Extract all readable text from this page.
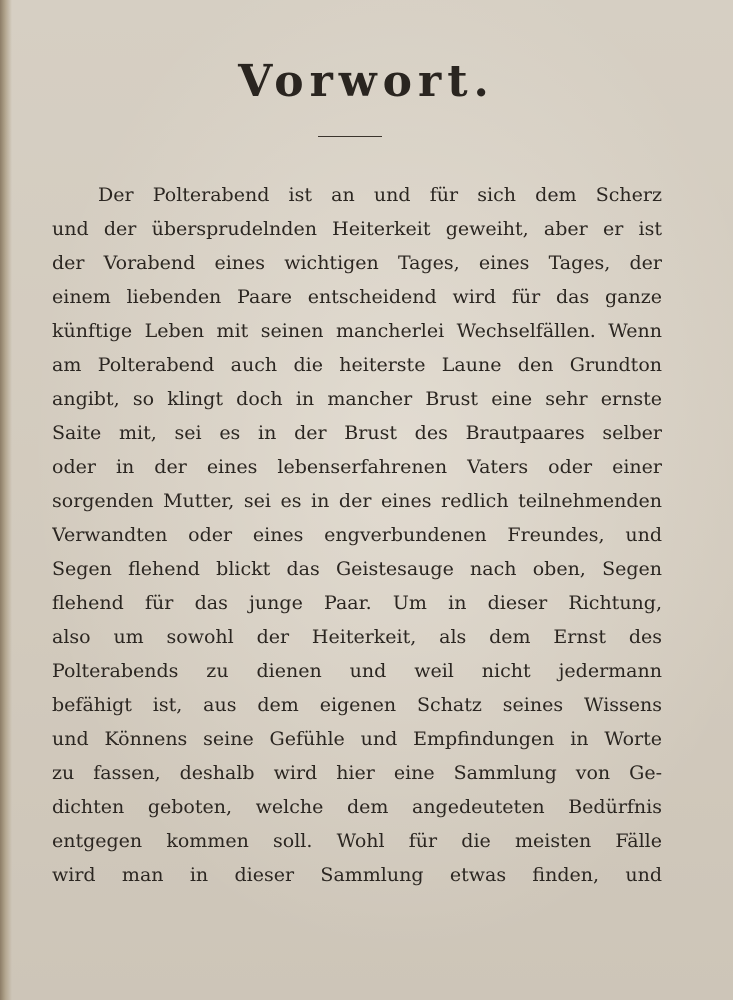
Vorwort.
Der Polterabend ist an und für sich dem Scherz
und der übersprudelnden Heiterkeit geweiht, aber er ist
der Vorabend eines wichtigen Tages, eines Tages, der
einem liebenden Paare entscheidend wird für das ganze
künftige Leben mit seinen mancherlei Wechselfällen. Wenn
am Polterabend auch die heiterste Laune den Grundton
angibt, so klingt doch in mancher Brust eine sehr ernste
Saite mit, sei es in der Brust des Brautpaares selber
oder in der eines lebenserfahrenen Vaters oder einer
sorgenden Mutter, sei es in der eines redlich teilnehmenden
Verwandten oder eines engverbundenen Freundes, und
Segen flehend blickt das Geistesauge nach oben, Segen
flehend für das junge Paar. Um in dieser Richtung,
also um sowohl der Heiterkeit, als dem Ernst des
Polterabends zu dienen und weil nicht jedermann
befähigt ist, aus dem eigenen Schatz seines Wissens
und Könnens seine Gefühle und Empfindungen in Worte
zu fassen, deshalb wird hier eine Sammlung von Ge-
dichten geboten, welche dem angedeuteten Bedürfnis
entgegen kommen soll. Wohl für die meisten Fälle
wird man in dieser Sammlung etwas finden, und
